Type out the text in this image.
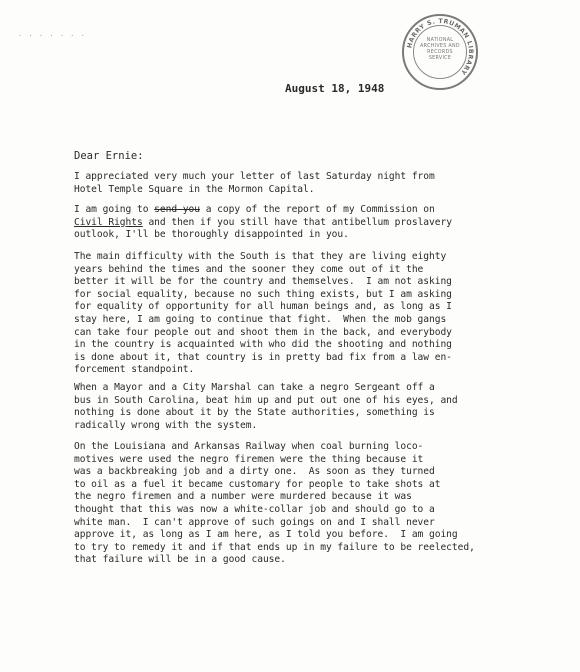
· · · · · · ·
HARRY S. TRUMAN LIBRARY
NATIONAL
ARCHIVES AND
RECORDS
SERVICE
August 18, 1948
Dear Ernie:
I appreciated very much your letter of last Saturday night from
Hotel Temple Square in the Mormon Capital.
I am going to send you a copy of the report of my Commission on
Civil Rights and then if you still have that antibellum proslavery
outlook, I'll be thoroughly disappointed in you.
The main difficulty with the South is that they are living eighty
years behind the times and the sooner they come out of it the
better it will be for the country and themselves.  I am not asking
for social equality, because no such thing exists, but I am asking
for equality of opportunity for all human beings and, as long as I
stay here, I am going to continue that fight.  When the mob gangs
can take four people out and shoot them in the back, and everybody
in the country is acquainted with who did the shooting and nothing
is done about it, that country is in pretty bad fix from a law en-
forcement standpoint.
When a Mayor and a City Marshal can take a negro Sergeant off a
bus in South Carolina, beat him up and put out one of his eyes, and
nothing is done about it by the State authorities, something is
radically wrong with the system.
On the Louisiana and Arkansas Railway when coal burning loco-
motives were used the negro firemen were the thing because it
was a backbreaking job and a dirty one.  As soon as they turned
to oil as a fuel it became customary for people to take shots at
the negro firemen and a number were murdered because it was
thought that this was now a white-collar job and should go to a
white man.  I can't approve of such goings on and I shall never
approve it, as long as I am here, as I told you before.  I am going
to try to remedy it and if that ends up in my failure to be reelected,
that failure will be in a good cause.
